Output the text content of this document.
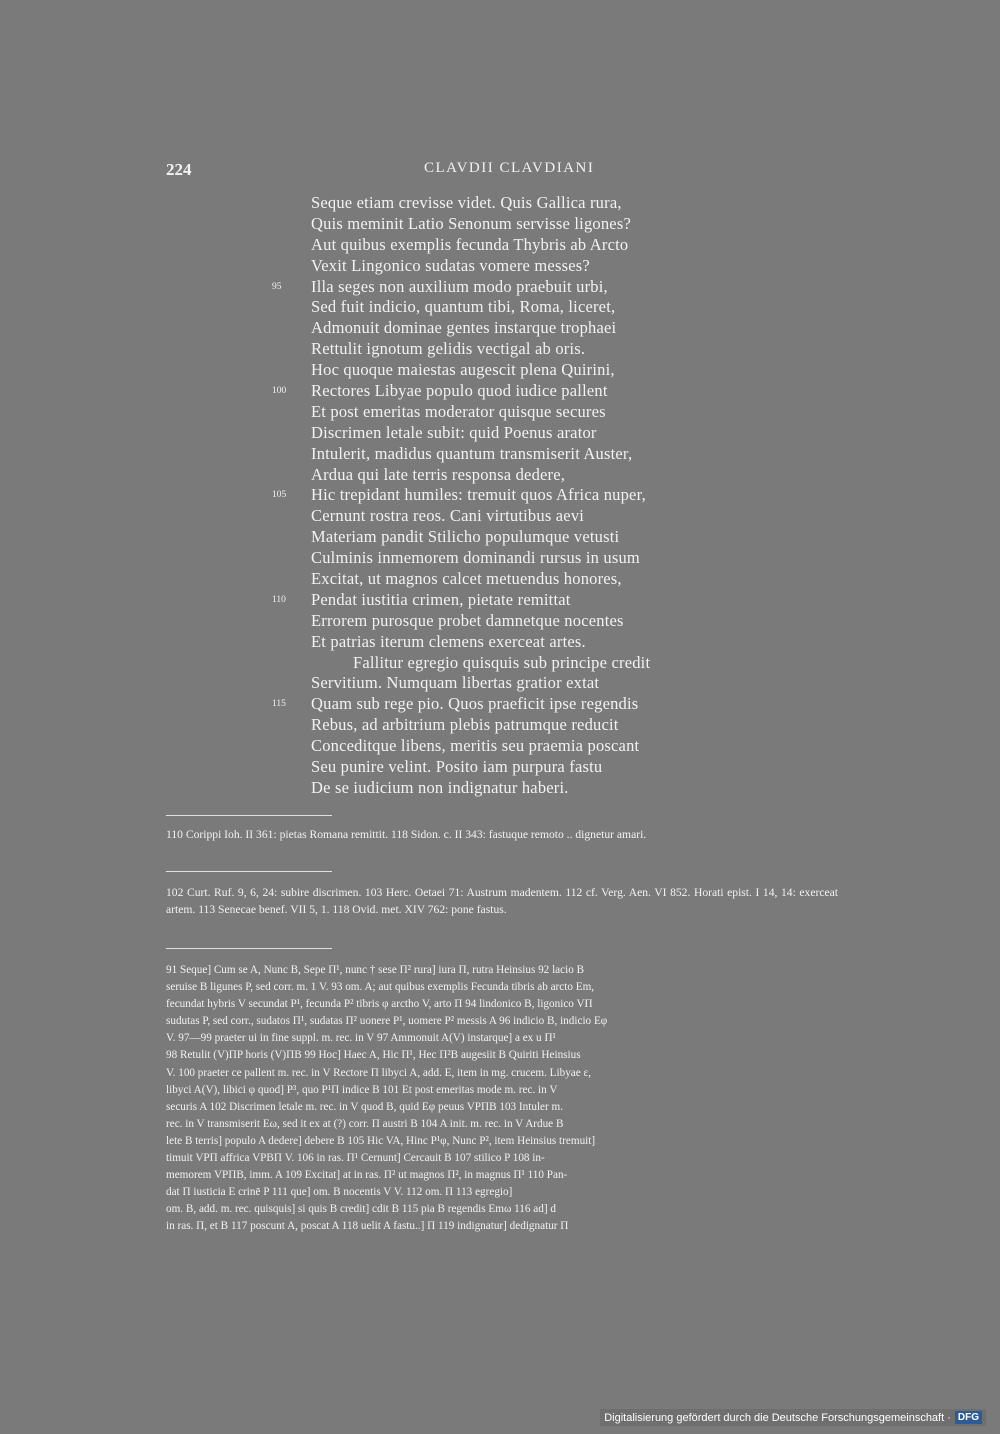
224	CLAVDII CLAVDIANI
Seque etiam crevisse videt. Quis Gallica rura,
Quis meminit Latio Senonum servisse ligones?
Aut quibus exemplis fecunda Thybris ab Arcto
Vexit Lingonico sudatas vomere messes?
95 Illa seges non auxilium modo praebuit urbi,
Sed fuit indicio, quantum tibi, Roma, liceret,
Admonuit dominae gentes instarque trophaei
Rettulit ignotum gelidis vectigal ab oris.
Hoc quoque maiestas augescit plena Quirini,
100 Rectores Libyae populo quod iudice pallent
Et post emeritas moderator quisque secures
Discrimen letale subit: quid Poenus arator
Intulerit, madidus quantum transmiserit Auster,
Ardua qui late terris responsa dedere,
105 Hic trepidant humiles: tremuit quos Africa nuper,
Cernunt rostra reos. Cani virtutibus aevi
Materiam pandit Stilicho populumque vetusti
Culminis inmemorem dominandi rursus in usum
Excitat, ut magnos calcet metuendus honores,
110 Pendat iustitia crimen, pietate remittat
Errorem purosque probet damnetque nocentes
Et patrias iterum clemens exerceat artes.
Fallitur egregio quisquis sub principe credit
Servitium. Numquam libertas gratior extat
115 Quam sub rege pio. Quos praeficit ipse regendis
Rebus, ad arbitrium plebis patrumque reducit
Conceditque libens, meritis seu praemia poscant
Seu punire velint. Posito iam purpura fastu
De se iudicium non indignatur haberi.
110 Corippi Ioh. II 361: pietas Romana remittit. 118 Sidon. c. II 343: fastuque remoto .. dignetur amari.
102 Curt. Ruf. 9, 6, 24: subire discrimen. 103 Herc. Oetaei 71: Austrum madentem. 112 cf. Verg. Aen. VI 852. Horati epist. I 14, 14: exerceat artem. 113 Senecae benef. VII 5, 1. 118 Ovid. met. XIV 762: pone fastus.
91 Seque] Cum se A, Nunc B, Sepe Π¹, nunc † sese Π² rura] iura Π, rutra Heinsius 92 lacio B
seruise B ligunes P, sed corr. m. 1 V. 93 om. A; aut quibus exemplis Fecunda tibris ab arcto Em,
fecundat hybris V secundat P¹, fecunda P² tibris φ arctho V, arto Π 94 lindonico B, ligonico VΠ
sudutas P, sed corr., sudatos Π¹, sudatas Π² uonere P¹, uomere P² messis A 96 indicio B, indicio Eφ
V. 97—99 praeter ui in fine suppl. m. rec. in V 97 Ammonuit A(V) instarque] a ex u Π¹
98 Retulit (V)ΠP horis (V)ΠB 99 Hoc] Haec A, Hic Π¹, Hec Π²B augesiit B Quiriti Heinsius
V. 100 praeter ce pallent m. rec. in V Rectore Π libyci A, add. E, item in mg. crucem. Libyae ε,
libyci A(V), libici φ quod] P³, quo P¹Π indice B 101 Et post emeritas mode m. rec. in V
securis A 102 Discrimen letale m. rec. in V quod B, quid Eφ peuus VPΠB 103 Intuler m.
rec. in V transmiserit Eω, sed it ex at (?) corr. Π austri B 104 A init. m. rec. in V Ardue B
lete B terris] populo A dedere] debere B 105 Hic VA, Hinc P¹φ, Nunc P², item Heinsius tremuit]
timuit VPΠ affrica VPBΠ V. 106 in ras. Π¹ Cernunt] Cercauit B 107 stilico P 108 in-
memorem VPΠB, imm. A 109 Excitat] at in ras. Π² ut magnos Π², in magnus Π¹ 110 Pan-
dat Π iusticia E crinē P 111 que] om. B nocentis V V. 112 om. Π 113 egregio]
om. B, add. m. rec. quisquis] si quis B credit] cdit B 115 pia B regendis Emω 116 ad] d
in ras. Π, et B 117 poscunt A, poscat A 118 uelit A fastu..] Π 119 indignatur] dedignatur Π
Digitalisierung gefördert durch die Deutsche Forschungsgemeinschaft · DFG
